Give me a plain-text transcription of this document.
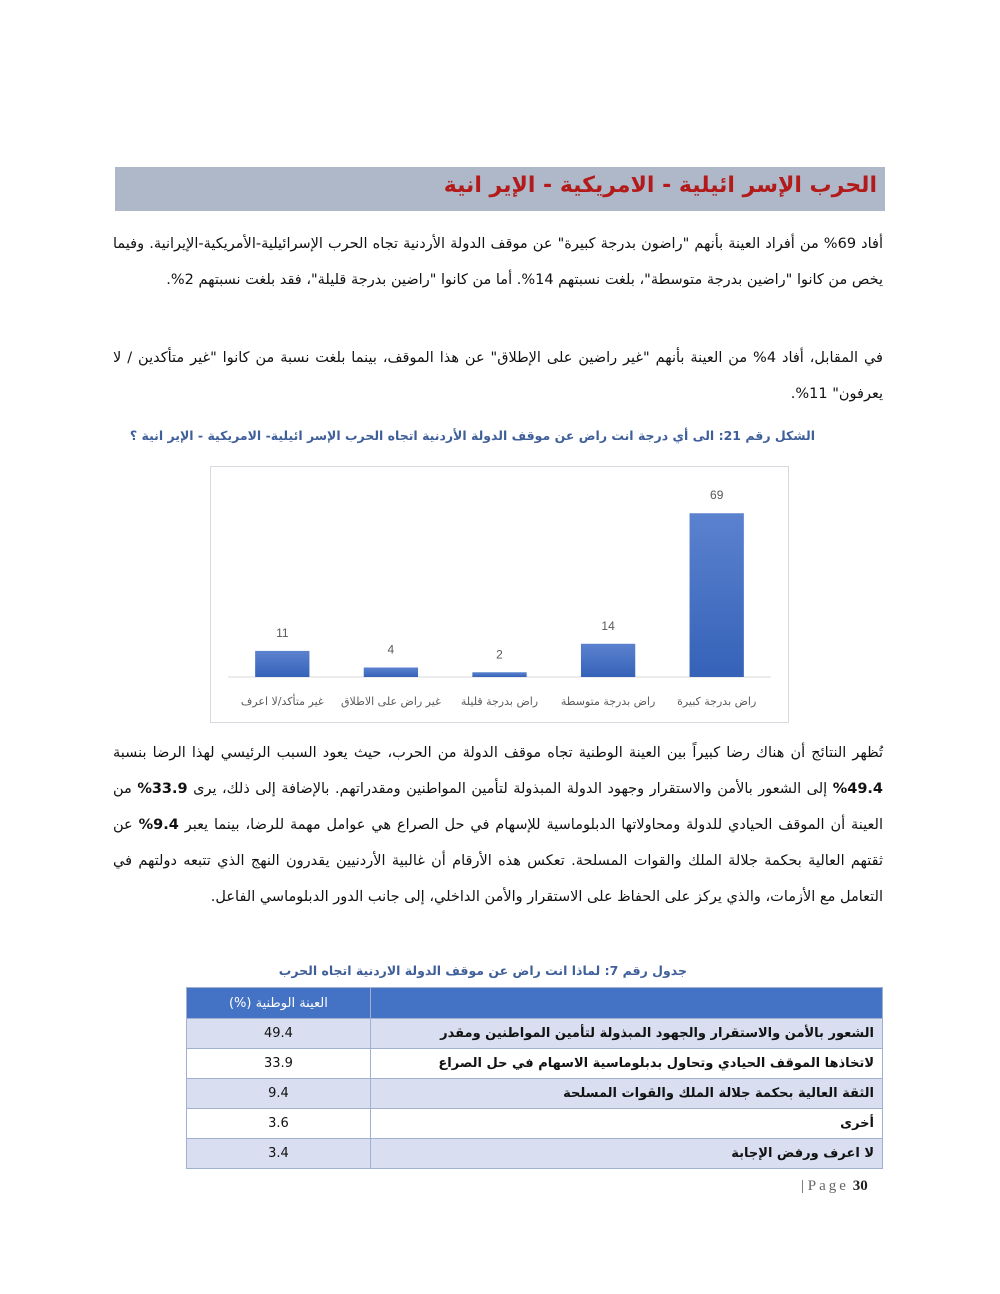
الحرب الإسر ائيلية - الامريكية - الإير انية
أفاد 69% من أفراد العينة بأنهم "راضون بدرجة كبيرة" عن موقف الدولة الأردنية تجاه الحرب الإسرائيلية-الأمريكية-الإيرانية. وفيما يخص من كانوا "راضين بدرجة متوسطة"، بلغت نسبتهم 14%. أما من كانوا "راضين بدرجة قليلة"، فقد بلغت نسبتهم 2%.
في المقابل، أفاد 4% من العينة بأنهم "غير راضين على الإطلاق" عن هذا الموقف، بينما بلغت نسبة من كانوا "غير متأكدين / لا يعرفون" 11%.
الشكل رقم 21: الى أي درجة انت راض عن موقف الدولة الأردنية اتجاه الحرب الإسر ائيلية- الامريكية - الإير انية ؟
69
راض بدرجة كبيرة
14
راض بدرجة متوسطة
2
راض بدرجة قليلة
4
غير راض على الاطلاق
11
غير متأكد/لا اعرف
تُظهر النتائج أن هناك رضا كبيراً بين العينة الوطنية تجاه موقف الدولة من الحرب، حيث يعود السبب الرئيسي لهذا الرضا بنسبة 49.4% إلى الشعور بالأمن والاستقرار وجهود الدولة المبذولة لتأمين المواطنين ومقدراتهم. بالإضافة إلى ذلك، يرى 33.9% من العينة أن الموقف الحيادي للدولة ومحاولاتها الدبلوماسية للإسهام في حل الصراع هي عوامل مهمة للرضا، بينما يعبر 9.4% عن ثقتهم العالية بحكمة جلالة الملك والقوات المسلحة. تعكس هذه الأرقام أن غالبية الأردنيين يقدرون النهج الذي تتبعه دولتهم في التعامل مع الأزمات، والذي يركز على الحفاظ على الاستقرار والأمن الداخلي، إلى جانب الدور الدبلوماسي الفاعل.
جدول رقم 7: لماذا انت راض عن موقف الدولة الاردنية اتجاه الحرب
	العينة الوطنية (%)
الشعور بالأمن والاستقرار والجهود المبذولة لتأمين المواطنين ومقدر	49.4
لاتخاذها الموقف الحيادي وتحاول بدبلوماسية الاسهام في حل الصراع	33.9
الثقة العالية بحكمة جلالة الملك والقوات المسلحة	9.4
أخرى	3.6
لا اعرف ورفض الإجابة	3.4
| Page 30
